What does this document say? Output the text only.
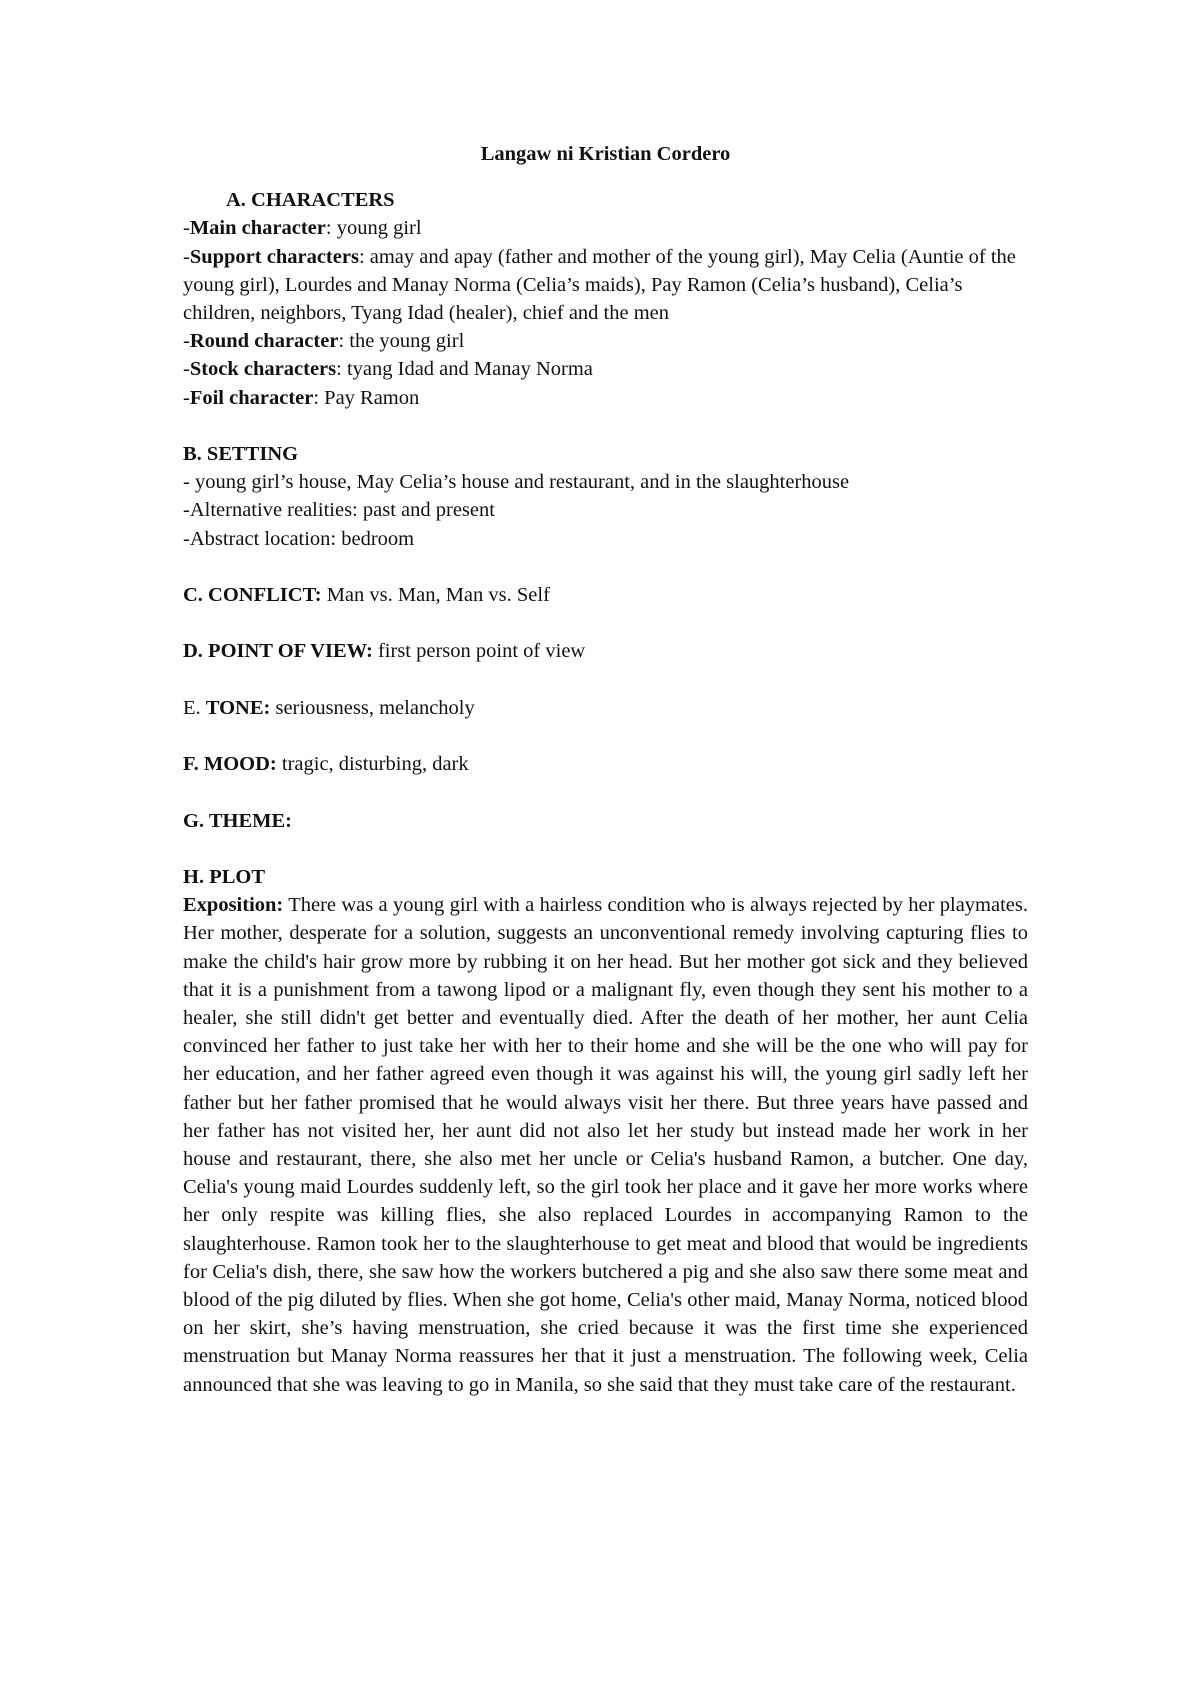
Langaw ni Kristian Cordero
A. CHARACTERS
-Main character: young girl
-Support characters: amay and apay (father and mother of the young girl), May Celia (Auntie of the young girl), Lourdes and Manay Norma (Celia’s maids), Pay Ramon (Celia’s husband), Celia’s children, neighbors, Tyang Idad (healer), chief and the men
-Round character: the young girl
-Stock characters: tyang Idad and Manay Norma
-Foil character: Pay Ramon
B. SETTING
- young girl’s house, May Celia’s house and restaurant, and in the slaughterhouse
-Alternative realities: past and present
-Abstract location: bedroom
C. CONFLICT: Man vs. Man, Man vs. Self
D. POINT OF VIEW: first person point of view
E. TONE: seriousness, melancholy
F. MOOD: tragic, disturbing, dark
G. THEME:
H. PLOT
Exposition: There was a young girl with a hairless condition who is always rejected by her playmates. Her mother, desperate for a solution, suggests an unconventional remedy involving capturing flies to make the child's hair grow more by rubbing it on her head. But her mother got sick and they believed that it is a punishment from a tawong lipod or a malignant fly, even though they sent his mother to a healer, she still didn't get better and eventually died. After the death of her mother, her aunt Celia convinced her father to just take her with her to their home and she will be the one who will pay for her education, and her father agreed even though it was against his will, the young girl sadly left her father but her father promised that he would always visit her there. But three years have passed and her father has not visited her, her aunt did not also let her study but instead made her work in her house and restaurant, there, she also met her uncle or Celia's husband Ramon, a butcher. One day, Celia's young maid Lourdes suddenly left, so the girl took her place and it gave her more works where her only respite was killing flies, she also replaced Lourdes in accompanying Ramon to the slaughterhouse. Ramon took her to the slaughterhouse to get meat and blood that would be ingredients for Celia's dish, there, she saw how the workers butchered a pig and she also saw there some meat and blood of the pig diluted by flies. When she got home, Celia's other maid, Manay Norma, noticed blood on her skirt, she’s having menstruation, she cried because it was the first time she experienced menstruation but Manay Norma reassures her that it just a menstruation. The following week, Celia announced that she was leaving to go in Manila, so she said that they must take care of the restaurant.
